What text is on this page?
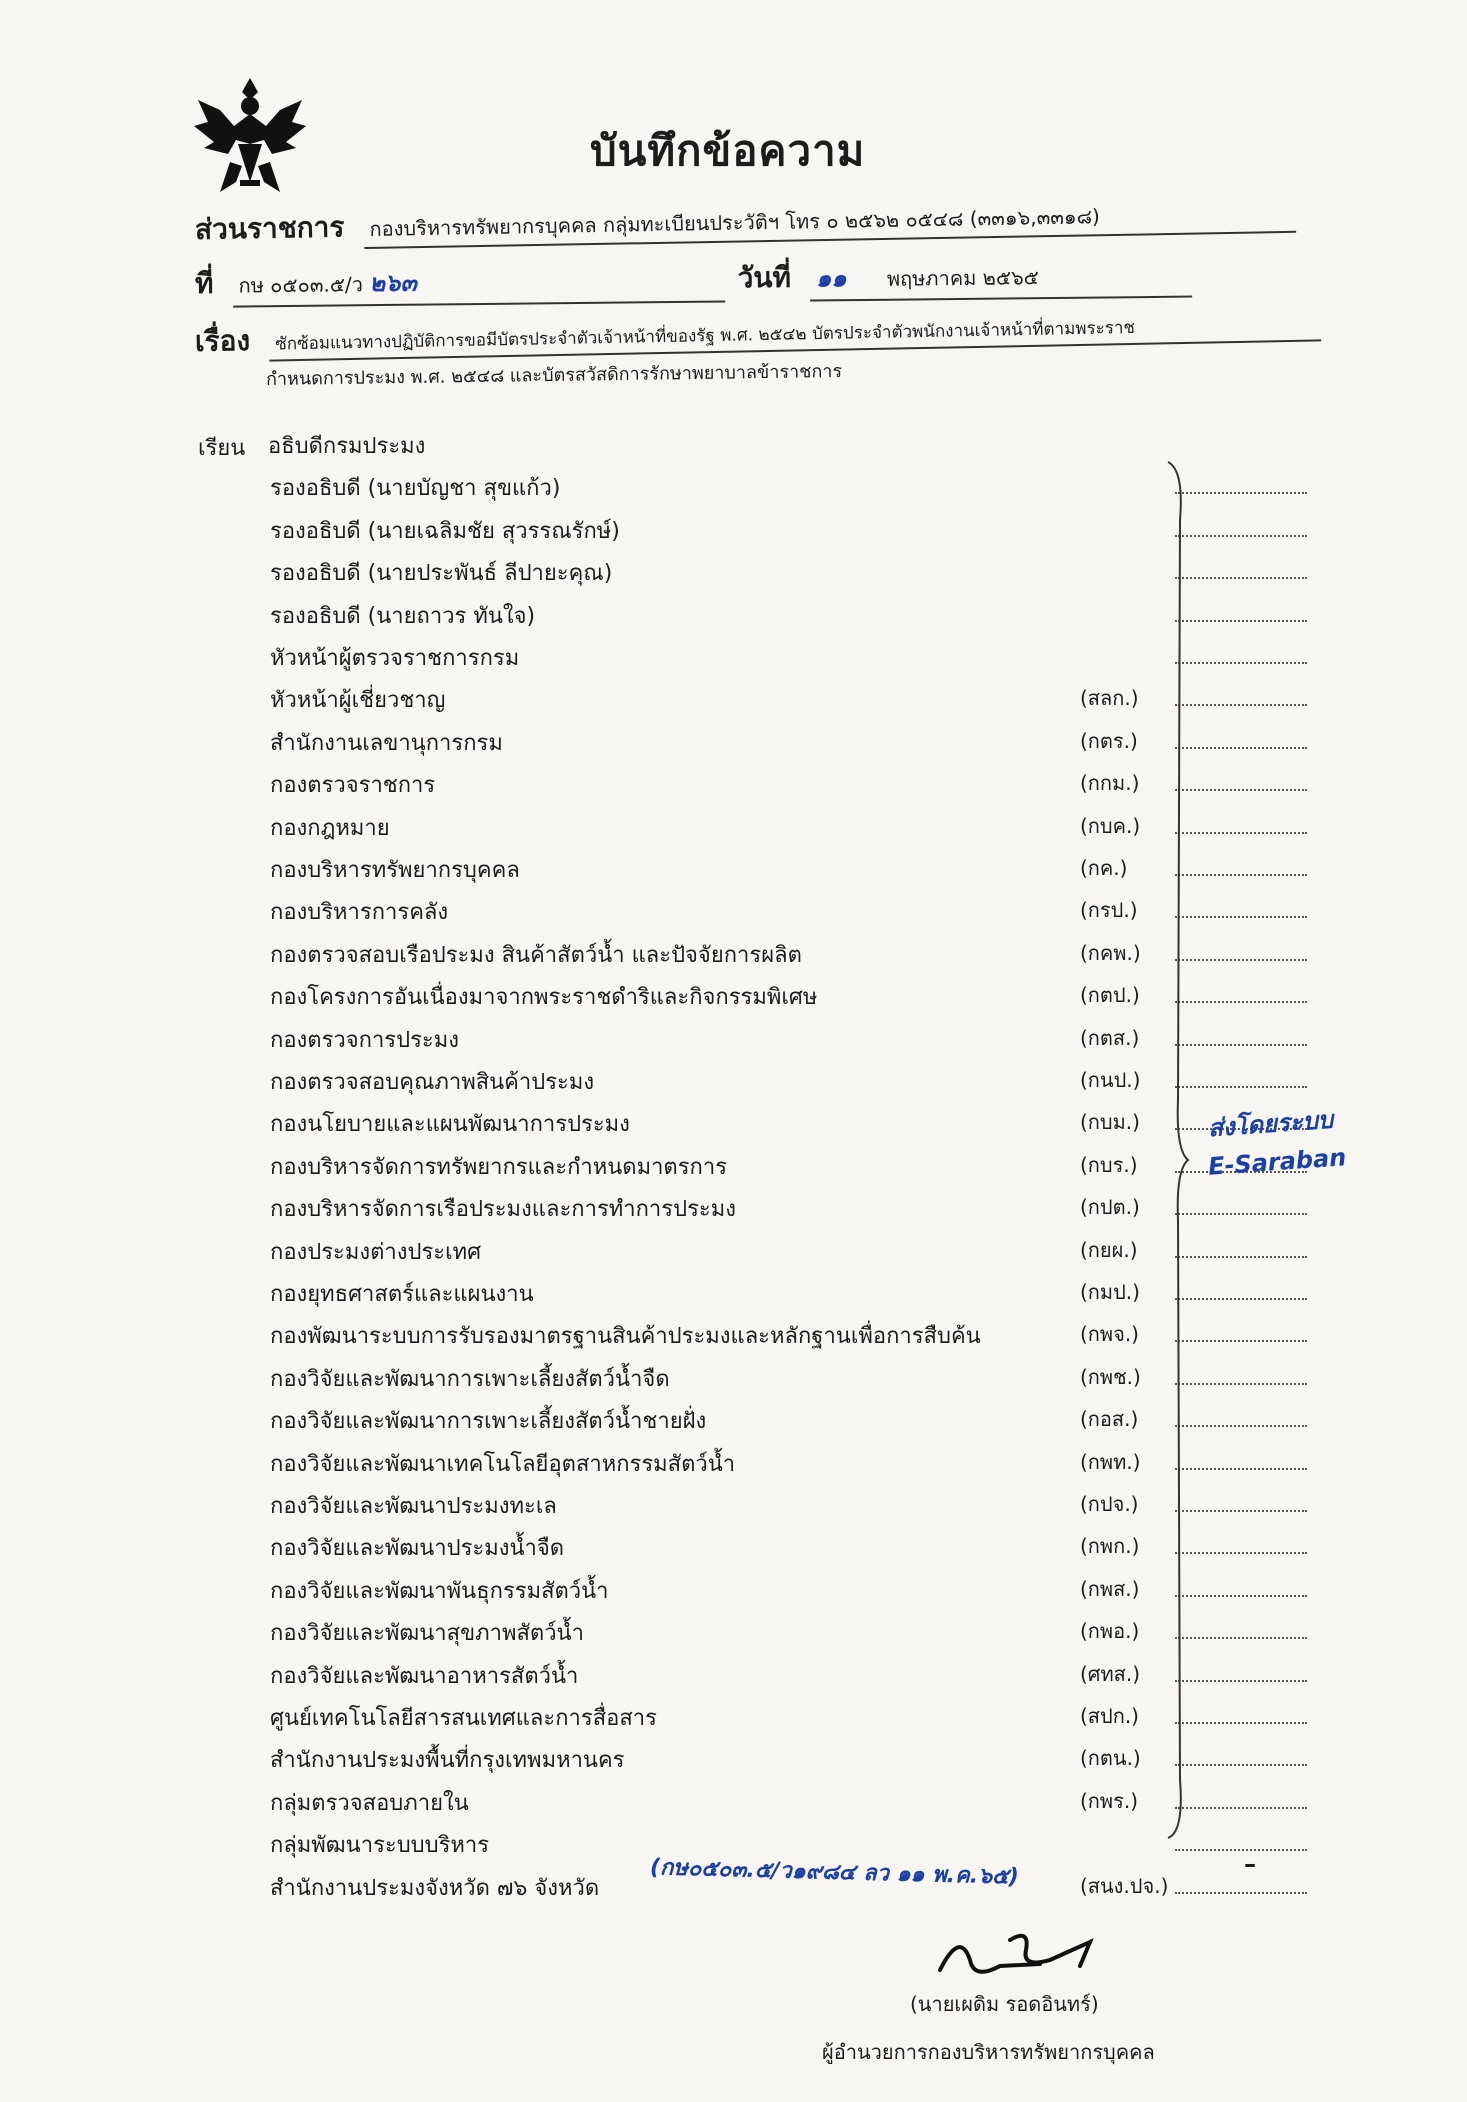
บันทึกข้อความ
ส่วนราชการ กองบริหารทรัพยากรบุคคล กลุ่มทะเบียนประวัติฯ โทร ๐ ๒๕๖๒ ๐๕๔๘ (๓๓๑๖,๓๓๑๘)
ที่ กษ ๐๕๐๓.๕/ว ๒๖๓	วันที่ ๑๑ พฤษภาคม ๒๕๖๕
เรื่อง ซักซ้อมแนวทางปฏิบัติการขอมีบัตรประจำตัวเจ้าหน้าที่ของรัฐ พ.ศ. ๒๕๔๒ บัตรประจำตัวพนักงานเจ้าหน้าที่ตามพระราช
กำหนดการประมง พ.ศ. ๒๕๔๘ และบัตรสวัสดิการรักษาพยาบาลข้าราชการ
เรียน อธิบดีกรมประมง
รองอธิบดี (นายบัญชา สุขแก้ว)
รองอธิบดี (นายเฉลิมชัย สุวรรณรักษ์)
รองอธิบดี (นายประพันธ์ ลีปายะคุณ)
รองอธิบดี (นายถาวร ทันใจ)
หัวหน้าผู้ตรวจราชการกรม
หัวหน้าผู้เชี่ยวชาญ	(สลก.)
สำนักงานเลขานุการกรม	(กตร.)
กองตรวจราชการ	(กกม.)
กองกฎหมาย	(กบค.)
กองบริหารทรัพยากรบุคคล	(กค.)
กองบริหารการคลัง	(กรป.)
กองตรวจสอบเรือประมง สินค้าสัตว์น้ำ และปัจจัยการผลิต	(กคพ.)
กองโครงการอันเนื่องมาจากพระราชดำริและกิจกรรมพิเศษ	(กตป.)
กองตรวจการประมง	(กตส.)
กองตรวจสอบคุณภาพสินค้าประมง	(กนป.)
กองนโยบายและแผนพัฒนาการประมง	(กบม.)
กองบริหารจัดการทรัพยากรและกำหนดมาตรการ	(กบร.)
กองบริหารจัดการเรือประมงและการทำการประมง	(กปต.)
กองประมงต่างประเทศ	(กยผ.)
กองยุทธศาสตร์และแผนงาน	(กมป.)
กองพัฒนาระบบการรับรองมาตรฐานสินค้าประมงและหลักฐานเพื่อการสืบค้น	(กพจ.)
กองวิจัยและพัฒนาการเพาะเลี้ยงสัตว์น้ำจืด	(กพช.)
กองวิจัยและพัฒนาการเพาะเลี้ยงสัตว์น้ำชายฝั่ง	(กอส.)
กองวิจัยและพัฒนาเทคโนโลยีอุตสาหกรรมสัตว์น้ำ	(กพท.)
กองวิจัยและพัฒนาประมงทะเล	(กปจ.)
กองวิจัยและพัฒนาประมงน้ำจืด	(กพก.)
กองวิจัยและพัฒนาพันธุกรรมสัตว์น้ำ	(กพส.)
กองวิจัยและพัฒนาสุขภาพสัตว์น้ำ	(กพอ.)
กองวิจัยและพัฒนาอาหารสัตว์น้ำ	(ศทส.)
ศูนย์เทคโนโลยีสารสนเทศและการสื่อสาร	(สปก.)
สำนักงานประมงพื้นที่กรุงเทพมหานคร	(กตน.)
กลุ่มตรวจสอบภายใน	(กพร.)
กลุ่มพัฒนาระบบบริหาร
สำนักงานประมงจังหวัด ๗๖ จังหวัด	(สนง.ปจ.)
ส่งโดยระบบ
E-Saraban
(กษ๐๕๐๓.๕/ว๑๙๘๔ ลว ๑๑ พ.ค.๖๕)	–
(นายเผดิม รอดอินทร์)
ผู้อำนวยการกองบริหารทรัพยากรบุคคล
